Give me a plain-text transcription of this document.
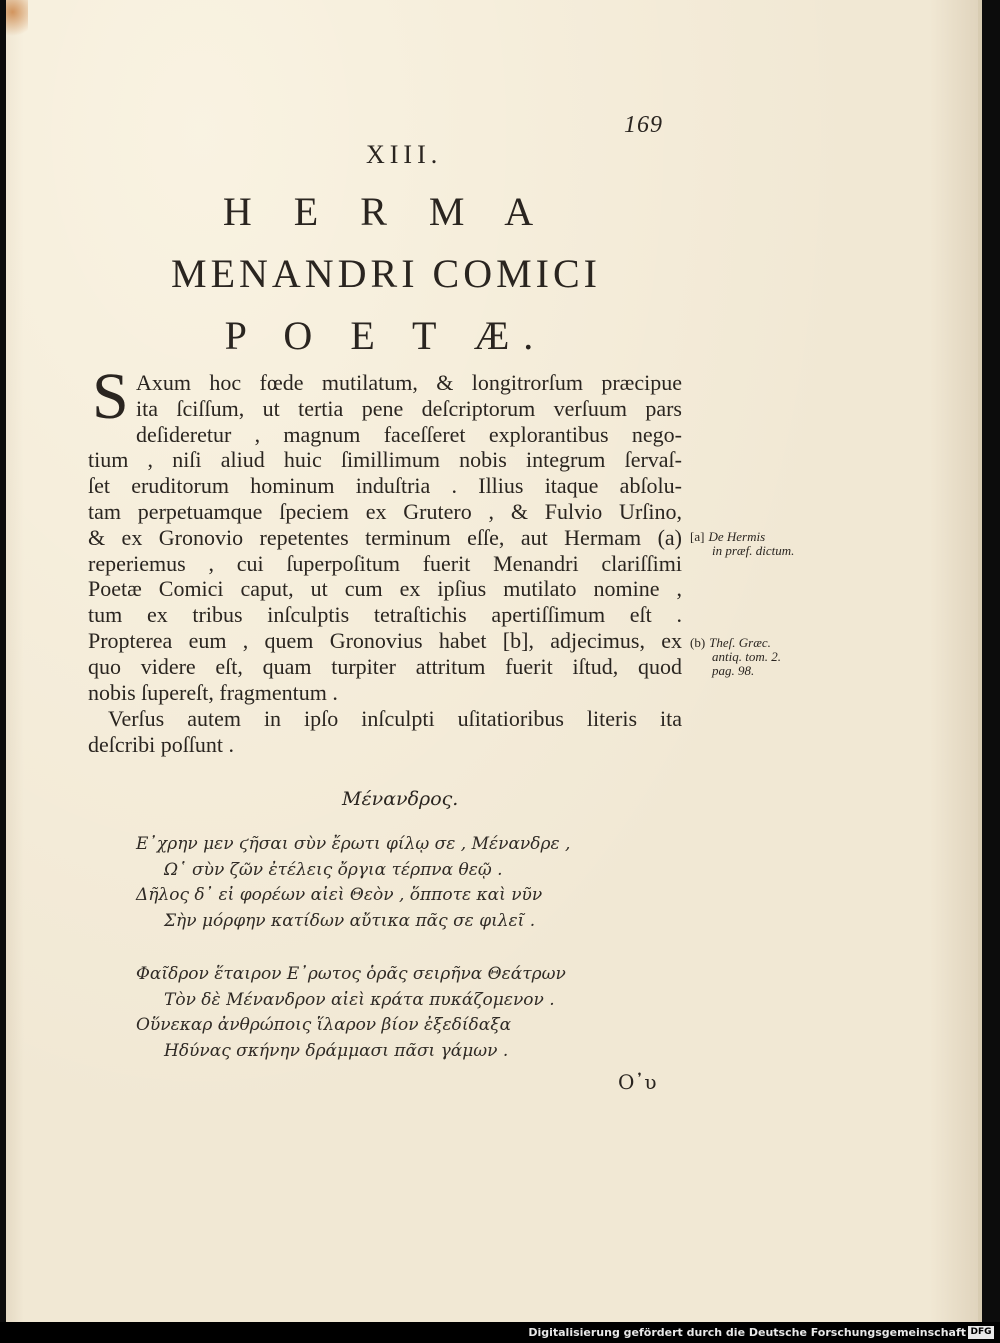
169
XIII.
H E R M A
MENANDRI COMICI
P O E T Æ.
S Axum hoc fœde mutilatum, & longitrorſum præcipue
ita ſciſſum, ut tertia pene deſcriptorum verſuum pars
deſideretur , magnum faceſſeret explorantibus nego-
tium , niſi aliud huic ſimillimum nobis integrum ſervaſ-
ſet eruditorum hominum induſtria . Illius itaque abſolu-
tam perpetuamque ſpeciem ex Grutero , & Fulvio Urſino,
& ex Gronovio repetentes terminum eſſe, aut Hermam (a)
reperiemus , cui ſuperpoſitum fuerit Menandri clariſſimi
Poetæ Comici caput, ut cum ex ipſius mutilato nomine ,
tum ex tribus inſculptis tetraſtichis apertiſſimum eſt .
Propterea eum , quem Gronovius habet [b], adjecimus, ex
quo videre eſt, quam turpiter attritum fuerit iſtud, quod
nobis ſupereſt, fragmentum .
Verſus autem in ipſo inſculpti uſitatioribus literis ita
deſcribi poſſunt .
[a] De Hermis
in præf. dictum.
(b) Theſ. Græc.
antiq. tom. 2.
pag. 98.
Μένανδρος.
Ε᾿χρην μεν ϛῆσαι σὺν ἔρωτι φίλῳ σε , Μένανδρε ,
Ω῾ σὺν ζῶν ἐτέλεις ὄργια τέρπνα θεῷ .
Δῆλος δ᾿ εἰ φορέων αἰεὶ Θεὸν , ὅπποτε καὶ νῦν
Σὴν μόρφην κατίδων αὔτικα πᾶς σε φιλεῖ .
Φαῖδρον ἕταιρον Ε᾿ρωτος ὁρᾶς σειρῆνα Θεάτρων
Τὸν δὲ Μένανδρον αἰεὶ κράτα πυκάζομενον .
Οὕνεκαρ ἀνθρώποις ἵλαρον βίον ἐξεδίδαξα
Ηδύνας σκήνην δράμμασι πᾶσι γάμων .
Ο᾿υ
Digitalisierung gefördert durch die Deutsche Forschungsgemeinschaft DFG
